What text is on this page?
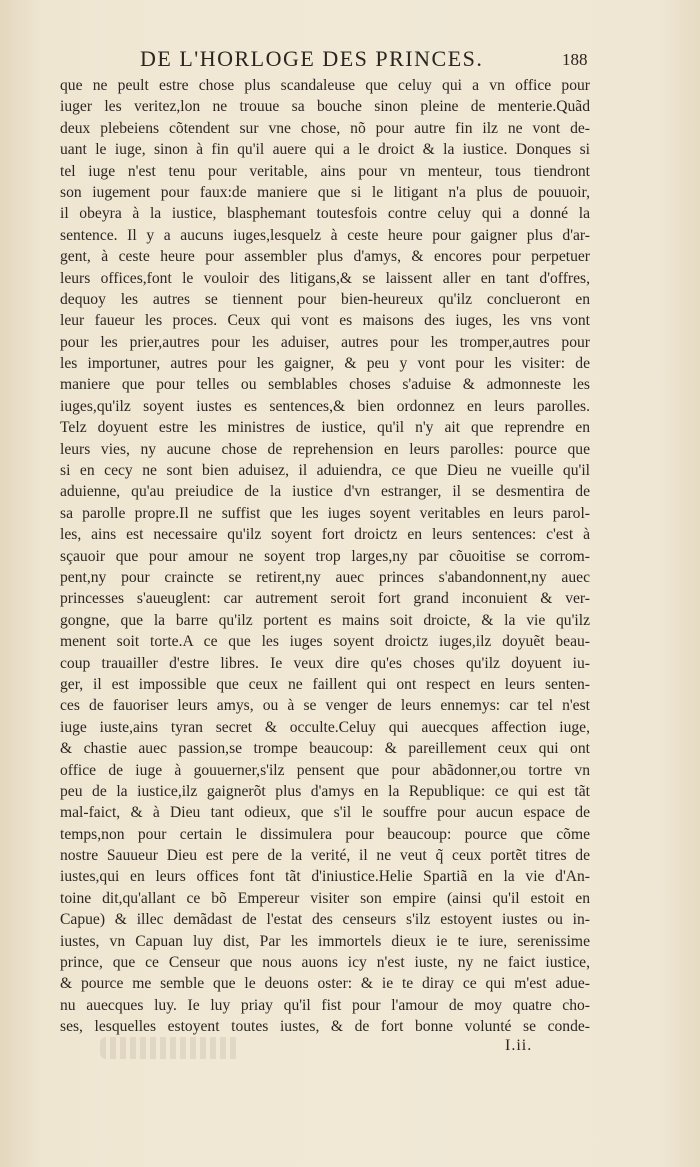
DE L'HORLOGE DES PRINCES.	188
que ne peult estre chose plus scandaleuse que celuy qui a vn office pour
iuger les veritez,lon ne trouue sa bouche sinon pleine de menterie.Quãd
deux plebeiens cõtendent sur vne chose, nõ pour autre fin ilz ne vont de-
uant le iuge, sinon à fin qu'il auere qui a le droict & la iustice. Donques si
tel iuge n'est tenu pour veritable, ains pour vn menteur, tous tiendront
son iugement pour faux:de maniere que si le litigant n'a plus de pouuoir,
il obeyra à la iustice, blasphemant toutesfois contre celuy qui a donné la
sentence. Il y a aucuns iuges,lesquelz à ceste heure pour gaigner plus d'ar-
gent, à ceste heure pour assembler plus d'amys, & encores pour perpetuer
leurs offices,font le vouloir des litigans,& se laissent aller en tant d'offres,
dequoy les autres se tiennent pour bien-heureux qu'ilz conclueront en
leur faueur les proces. Ceux qui vont es maisons des iuges, les vns vont
pour les prier,autres pour les aduiser, autres pour les tromper,autres pour
les importuner, autres pour les gaigner, & peu y vont pour les visiter: de
maniere que pour telles ou semblables choses s'aduise & admonneste les
iuges,qu'ilz soyent iustes es sentences,& bien ordonnez en leurs parolles.
Telz doyuent estre les ministres de iustice, qu'il n'y ait que reprendre en
leurs vies, ny aucune chose de reprehension en leurs parolles: pource que
si en cecy ne sont bien aduisez, il aduiendra, ce que Dieu ne vueille qu'il
aduienne, qu'au preiudice de la iustice d'vn estranger, il se desmentira de
sa parolle propre.Il ne suffist que les iuges soyent veritables en leurs parol-
les, ains est necessaire qu'ilz soyent fort droictz en leurs sentences: c'est à
sçauoir que pour amour ne soyent trop larges,ny par cõuoitise se corrom-
pent,ny pour craincte se retirent,ny auec princes s'abandonnent,ny auec
princesses s'aueuglent: car autrement seroit fort grand inconuient & ver-
gongne, que la barre qu'ilz portent es mains soit droicte, & la vie qu'ilz
menent soit torte.A ce que les iuges soyent droictz iuges,ilz doyuẽt beau-
coup trauailler d'estre libres. Ie veux dire qu'es choses qu'ilz doyuent iu-
ger, il est impossible que ceux ne faillent qui ont respect en leurs senten-
ces de fauoriser leurs amys, ou à se venger de leurs ennemys: car tel n'est
iuge iuste,ains tyran secret & occulte.Celuy qui auecques affection iuge,
& chastie auec passion,se trompe beaucoup: & pareillement ceux qui ont
office de iuge à gouuerner,s'ilz pensent que pour abãdonner,ou tortre vn
peu de la iustice,ilz gaignerõt plus d'amys en la Republique: ce qui est tãt
mal-faict, & à Dieu tant odieux, que s'il le souffre pour aucun espace de
temps,non pour certain le dissimulera pour beaucoup: pource que cõme
nostre Sauueur Dieu est pere de la verité, il ne veut q̃ ceux portẽt titres de
iustes,qui en leurs offices font tãt d'iniustice.Helie Spartiã en la vie d'An-
toine dit,qu'allant ce bõ Empereur visiter son empire (ainsi qu'il estoit en
Capue) & illec demãdast de l'estat des censeurs s'ilz estoyent iustes ou in-
iustes, vn Capuan luy dist, Par les immortels dieux ie te iure, serenissime
prince, que ce Censeur que nous auons icy n'est iuste, ny ne faict iustice,
& pource me semble que le deuons oster: & ie te diray ce qui m'est adue-
nu auecques luy. Ie luy priay qu'il fist pour l'amour de moy quatre cho-
ses, lesquelles estoyent toutes iustes, & de fort bonne volunté se conde-
I.ii.
